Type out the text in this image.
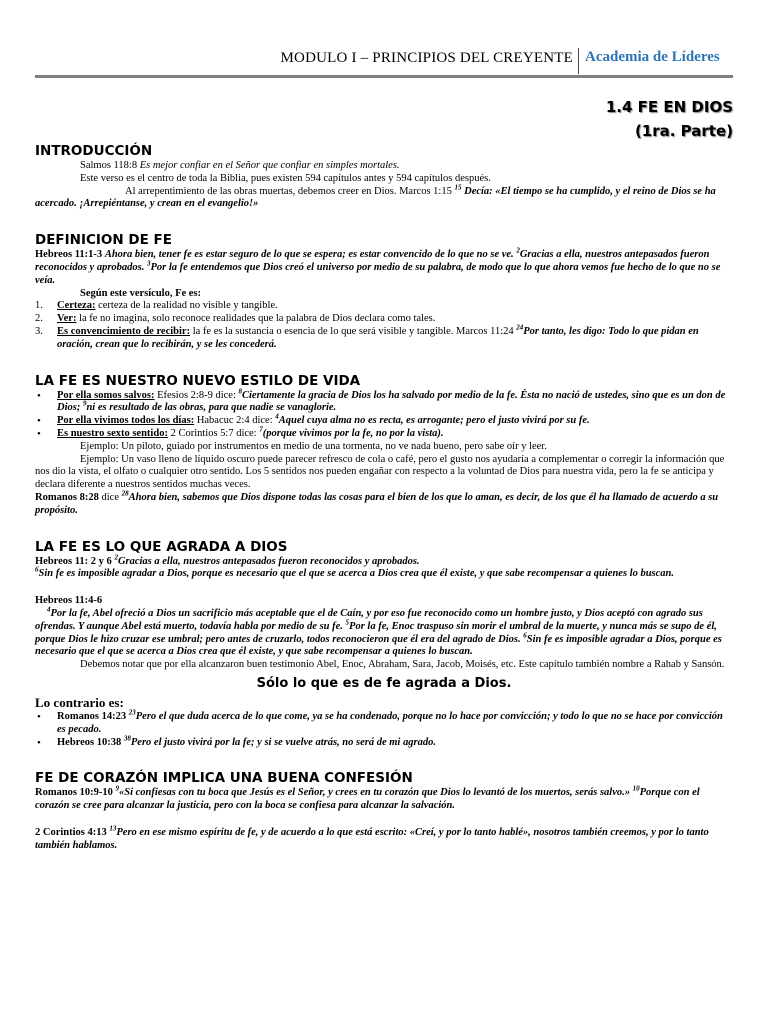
MODULO I – PRINCIPIOS DEL CREYENTE Academia de Líderes
1.4 FE EN DIOS
(1ra. Parte)
INTRODUCCIÓN

Salmos 118:8 Es mejor confiar en el Señor que confiar en simples mortales.

Este verso es el centro de toda la Biblia, pues existen 594 capítulos antes y 594 capítulos después.

Al arrepentimiento de las obras muertas, debemos creer en Dios. Marcos 1:15 $^{15}$ Decía: «El tiempo se ha cumplido, y el reino de Dios se ha acercado. ¡Arrepiéntanse, y crean en el evangelio!»

DEFINICION DE FE

Hebreos 11:1-3 Ahora bien, tener fe es estar seguro de lo que se espera; es estar convencido de lo que no se ve. $^2$Gracias a ella, nuestros antepasados fueron reconocidos y aprobados. $^3$Por la fe entendemos que Dios creó el universo por medio de su palabra, de modo que lo que ahora vemos fue hecho de lo que no se veía.

Según este versículo, Fe es:

1.	Certeza: certeza de la realidad no visible y tangible.
2.	Ver: la fe no imagina, solo reconoce realidades que la palabra de Dios declara como tales.
3.	Es convencimiento de recibir: la fe es la sustancia o esencia de lo que será visible y tangible. Marcos 11:24 $^{24}$Por tanto, les digo: Todo lo que pidan en oración, crean que lo recibirán, y se les concederá.
LA FE ES NUESTRO NUEVO ESTILO DE VIDA
• Por ella somos salvos: Efesios 2:8-9 dice: $^8$Ciertamente la gracia de Dios los ha salvado por medio de la fe. Ésta no nació de ustedes, sino que es un don de Dios; $^9$ni es resultado de las obras, para que nadie se vanaglorie.
• Por ella vivimos todos los días: Habacuc 2:4 dice: $^4$Aquel cuya alma no es recta, es arrogante; pero el justo vivirá por su fe.
• Es nuestro sexto sentido: 2 Corintios 5:7 dice: $^7$(porque vivimos por la fe, no por la vista).

Ejemplo: Un piloto, guiado por instrumentos en medio de una tormenta, no ve nada bueno, pero sabe oír y leer.

Ejemplo: Un vaso lleno de líquido oscuro puede parecer refresco de cola o café, pero el gusto nos ayudaría a complementar o corregir la información que nos dio la vista, el olfato o cualquier otro sentido. Los 5 sentidos nos pueden engañar con respecto a la voluntad de Dios para nuestra vida, pero la fe se anticipa y declara diferente a nuestros sentidos muchas veces.

Romanos 8:28 dice $^{28}$Ahora bien, sabemos que Dios dispone todas las cosas para el bien de los que lo aman, es decir, de los que él ha llamado de acuerdo a su propósito.

LA FE ES LO QUE AGRADA A DIOS

Hebreos 11: 2 y 6 $^2$Gracias a ella, nuestros antepasados fueron reconocidos y aprobados.

$^6$Sin fe es imposible agradar a Dios, porque es necesario que el que se acerca a Dios crea que él existe, y que sabe recompensar a quienes lo buscan.

Hebreos 11:4-6

$^4$Por la fe, Abel ofreció a Dios un sacrificio más aceptable que el de Caín, y por eso fue reconocido como un hombre justo, y Dios aceptó con agrado sus ofrendas. Y aunque Abel está muerto, todavía habla por medio de su fe. $^5$Por la fe, Enoc traspuso sin morir el umbral de la muerte, y nunca más se supo de él, porque Dios le hizo cruzar ese umbral; pero antes de cruzarlo, todos reconocieron que él era del agrado de Dios. $^6$Sin fe es imposible agradar a Dios, porque es necesario que el que se acerca a Dios crea que él existe, y que sabe recompensar a quienes lo buscan.

Debemos notar que por ella alcanzaron buen testimonio Abel, Enoc, Abraham, Sara, Jacob, Moisés, etc. Este capítulo también nombre a Rahab y Sansón.

Sólo lo que es de fe agrada a Dios.

Lo contrario es:

• Romanos 14:23 $^{23}$Pero el que duda acerca de lo que come, ya se ha condenado, porque no lo hace por convicción; y todo lo que no se hace por convicción es pecado.
• Hebreos 10:38 $^{38}$Pero el justo vivirá por la fe; y si se vuelve atrás, no será de mi agrado.
FE DE CORAZÓN IMPLICA UNA BUENA CONFESIÓN

Romanos 10:9-10 $^9$«Si confiesas con tu boca que Jesús es el Señor, y crees en tu corazón que Dios lo levantó de los muertos, serás salvo.» $^{10}$Porque con el corazón se cree para alcanzar la justicia, pero con la boca se confiesa para alcanzar la salvación.

2 Corintios 4:13 $^{13}$Pero en ese mismo espíritu de fe, y de acuerdo a lo que está escrito: «Creí, y por lo tanto hablé», nosotros también creemos, y por lo tanto también hablamos.
